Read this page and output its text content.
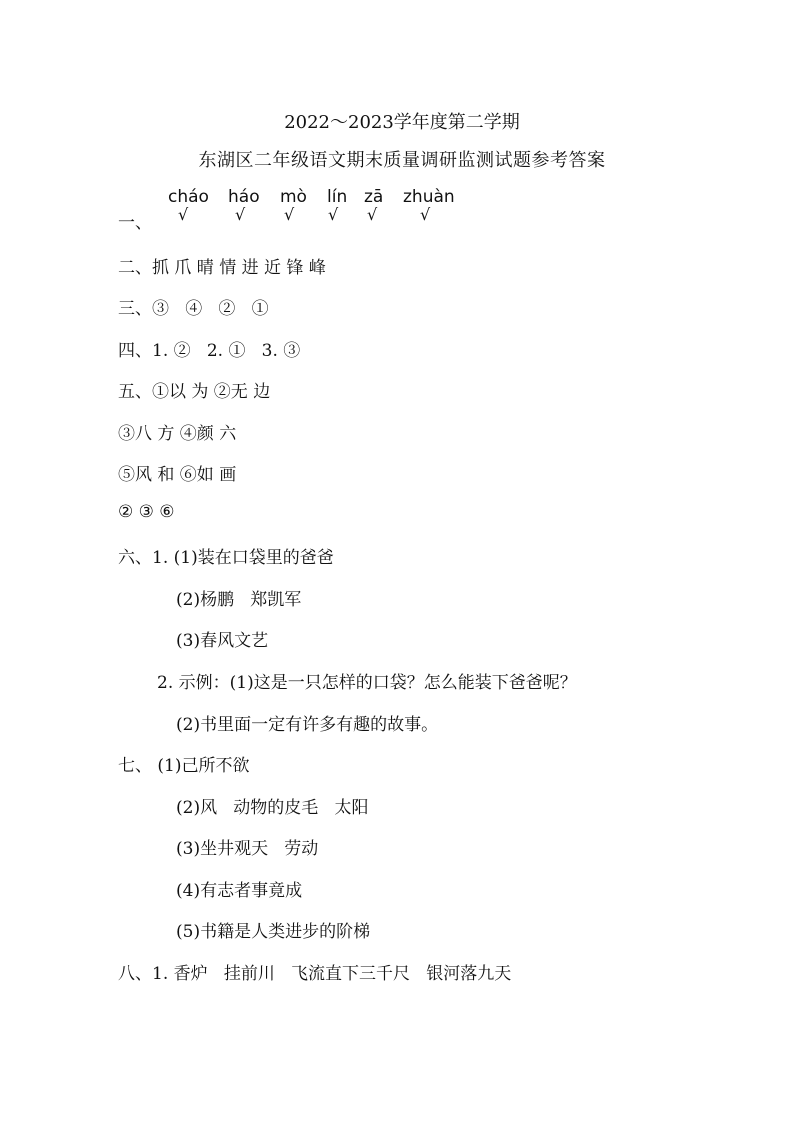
2022～2023学年度第二学期
东湖区二年级语文期末质量调研监测试题参考答案
一、
cháo háo mò lín zā zhuàn
√	√ √ √ √	√
二、抓 爪 晴 情 进 近 锋 峰
三、③   ④   ②   ①
四、1. ②   2. ①   3. ③
五、①以 为 ②无 边
③八 方 ④颜 六
⑤风 和 ⑥如 画
② ③ ⑥
六、1. (1)装在口袋里的爸爸
(2)杨鹏   郑凯军
(3)春风文艺
2. 示例：(1)这是一只怎样的口袋？怎么能装下爸爸呢？
(2)书里面一定有许多有趣的故事。
七、 (1)己所不欲
(2)风   动物的皮毛   太阳
(3)坐井观天   劳动
(4)有志者事竟成
(5)书籍是人类进步的阶梯
八、1. 香炉   挂前川   飞流直下三千尺   银河落九天
